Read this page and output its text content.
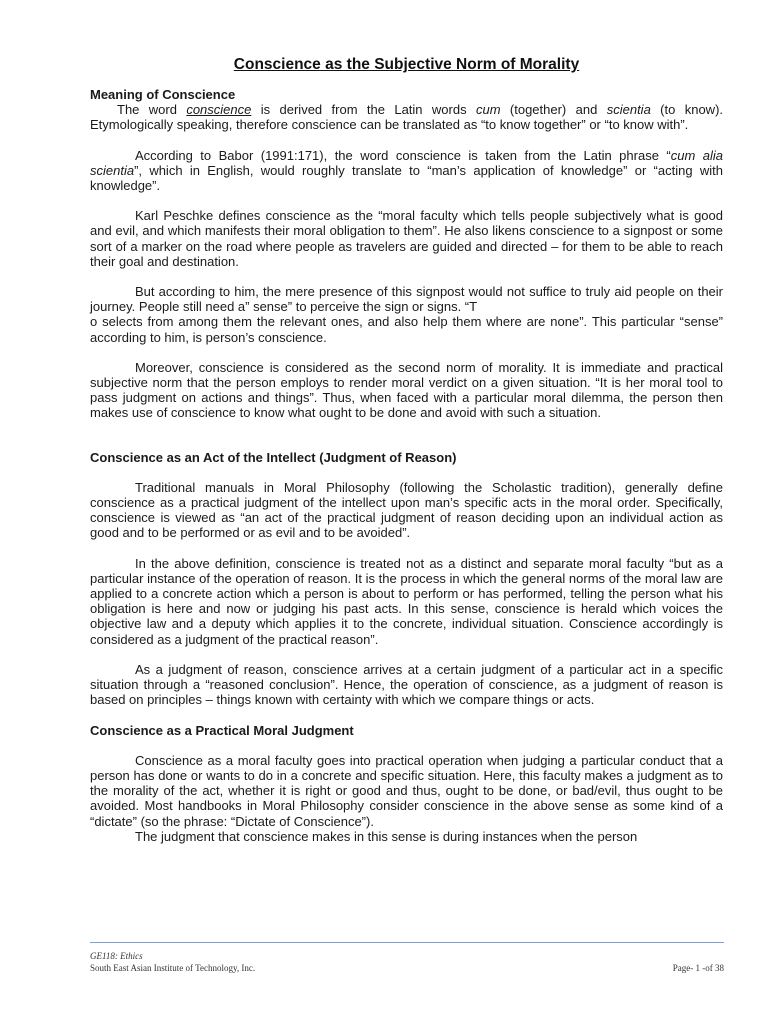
Conscience as the Subjective Norm of Morality
Meaning of Conscience

The word conscience is derived from the Latin words cum (together) and scientia (to know). Etymologically speaking, therefore conscience can be translated as “to know together” or “to know with”.

According to Babor (1991:171), the word conscience is taken from the Latin phrase “cum alia scientia”, which in English, would roughly translate to “man’s application of knowledge” or “acting with knowledge”.

Karl Peschke defines conscience as the “moral faculty which tells people subjectively what is good and evil, and which manifests their moral obligation to them”. He also likens conscience to a signpost or some sort of a marker on the road where people as travelers are guided and directed – for them to be able to reach their goal and destination.

But according to him, the mere presence of this signpost would not suffice to truly aid people on their journey. People still need a” sense” to perceive the sign or signs. “T

o selects from among them the relevant ones, and also help them where are none”. This particular “sense” according to him, is person’s conscience.

Moreover, conscience is considered as the second norm of morality. It is immediate and practical subjective norm that the person employs to render moral verdict on a given situation. “It is her moral tool to pass judgment on actions and things”. Thus, when faced with a particular moral dilemma, the person then makes use of conscience to know what ought to be done and avoid with such a situation.

Conscience as an Act of the Intellect (Judgment of Reason)

Traditional manuals in Moral Philosophy (following the Scholastic tradition), generally define conscience as a practical judgment of the intellect upon man’s specific acts in the moral order. Specifically, conscience is viewed as “an act of the practical judgment of reason deciding upon an individual action as good and to be performed or as evil and to be avoided”.

In the above definition, conscience is treated not as a distinct and separate moral faculty “but as a particular instance of the operation of reason. It is the process in which the general norms of the moral law are applied to a concrete action which a person is about to perform or has performed, telling the person what his obligation is here and now or judging his past acts. In this sense, conscience is herald which voices the objective law and a deputy which applies it to the concrete, individual situation. Conscience accordingly is considered as a judgment of the practical reason”.

As a judgment of reason, conscience arrives at a certain judgment of a particular act in a specific situation through a “reasoned conclusion”. Hence, the operation of conscience, as a judgment of reason is based on principles – things known with certainty with which we compare things or acts.

Conscience as a Practical Moral Judgment

Conscience as a moral faculty goes into practical operation when judging a particular conduct that a person has done or wants to do in a concrete and specific situation. Here, this faculty makes a judgment as to the morality of the act, whether it is right or good and thus, ought to be done, or bad/evil, thus ought to be avoided. Most handbooks in Moral Philosophy consider conscience in the above sense as some kind of a “dictate” (so the phrase: “Dictate of Conscience”).

The judgment that conscience makes in this sense is during instances when the person

GE118: Ethics
South East Asian Institute of Technology, Inc.	Page- 1 -of 38
